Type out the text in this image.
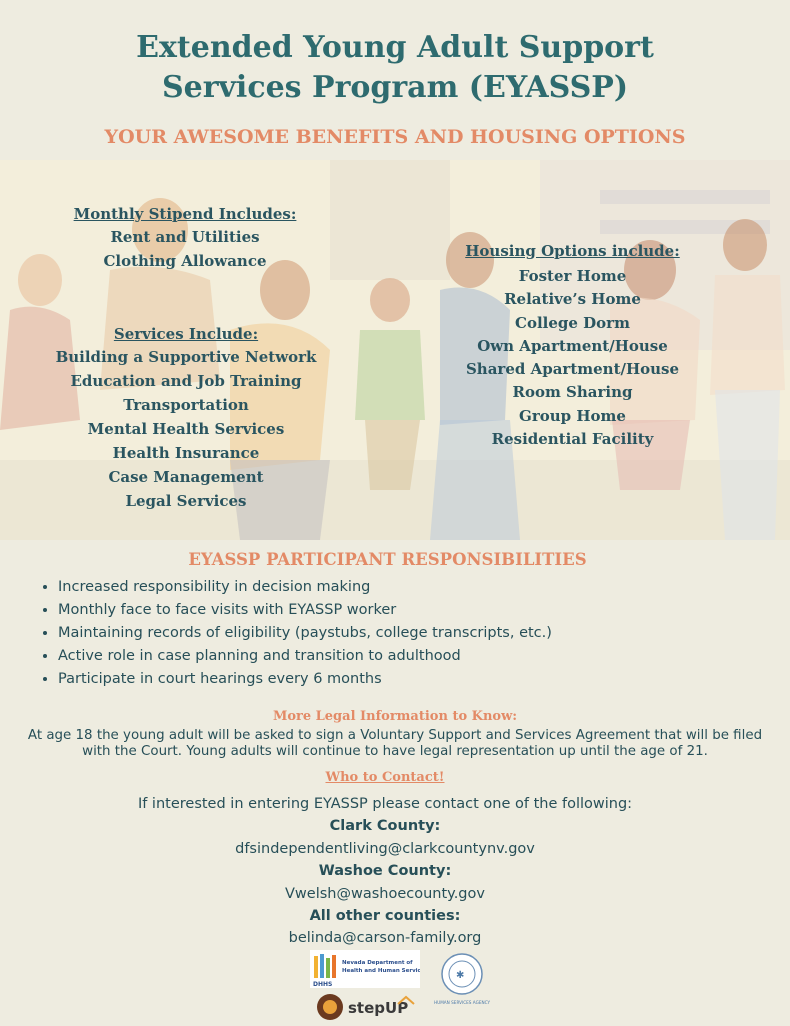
Extended Young Adult Support
Services Program (EYASSP)
YOUR AWESOME BENEFITS AND HOUSING OPTIONS
Monthly Stipend Includes:
Rent and Utilities
Clothing Allowance
Services Include:
Building a Supportive Network
Education and Job Training
Transportation
Mental Health Services
Health Insurance
Case Management
Legal Services
Housing Options include:
Foster Home
Relative’s Home
College Dorm
Own Apartment/House
Shared Apartment/House
Room Sharing
Group Home
Residential Facility
EYASSP PARTICIPANT RESPONSIBILITIES
• Increased responsibility in decision making
• Monthly face to face visits with EYASSP worker
• Maintaining records of eligibility (paystubs, college transcripts, etc.)
• Active role in case planning and transition to adulthood
• Participate in court hearings every 6 months
More Legal Information to Know:
At age 18 the young adult will be asked to sign a Voluntary Support and Services Agreement that will be filed with the Court. Young adults will continue to have legal representation up until the age of 21.
Who to Contact!
If interested in entering EYASSP please contact one of the following:
Clark County:
dfsindependentliving@clarkcountynv.gov
Washoe County:
Vwelsh@washoecounty.gov
All other counties:
belinda@carson-family.org
DHHS
Nevada Department of
Health and Human Services	✱
HUMAN SERVICES AGENCY
stepUP
